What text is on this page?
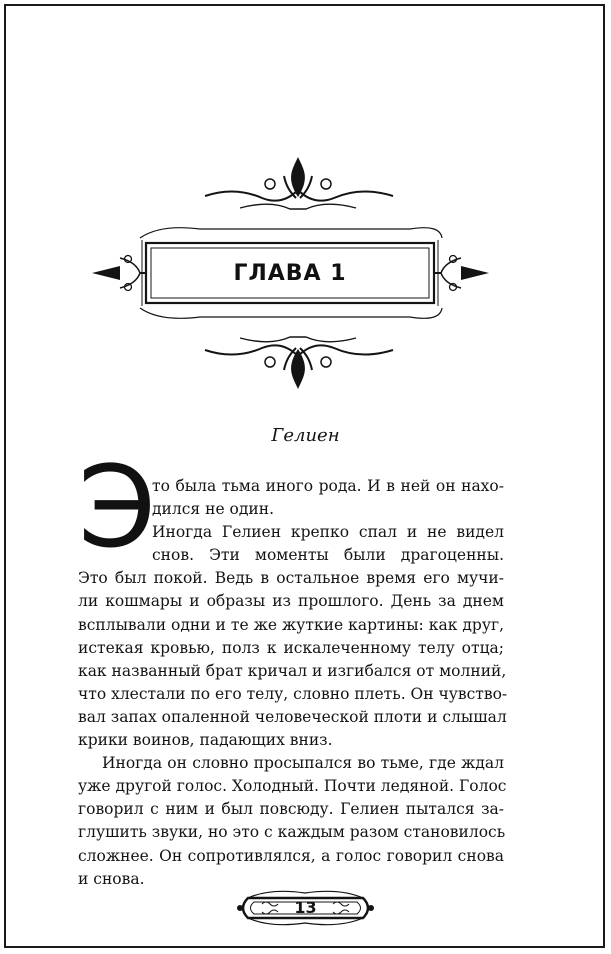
ГЛАВА 1
Гелиен
Э
то была тьма иного рода. И в ней он нахо-
дился не один.
Иногда Гелиен крепко спал и не видел
снов. Эти моменты были драгоценны.
Это был покой. Ведь в остальное время его мучи-
ли кошмары и образы из прошлого. День за днем
всплывали одни и те же жуткие картины: как друг,
истекая кровью, полз к искалеченному телу отца;
как названный брат кричал и изгибался от молний,
что хлестали по его телу, словно плеть. Он чувство-
вал запах опаленной человеческой плоти и слышал
крики воинов, падающих вниз.
Иногда он словно просыпался во тьме, где ждал
уже другой голос. Холодный. Почти ледяной. Голос
говорил с ним и был повсюду. Гелиен пытался за-
глушить звуки, но это с каждым разом становилось
сложнее. Он сопротивлялся, а голос говорил снова
и снова.
13
